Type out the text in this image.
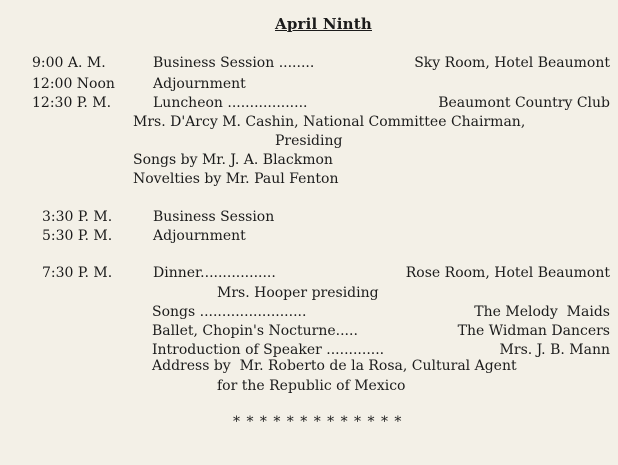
April Ninth
9:00 A. M.	Business Session ........	Sky Room, Hotel Beaumont
12:00 Noon	Adjournment
12:30 P. M.	Luncheon ..................	Beaumont Country Club
Mrs. D'Arcy M. Cashin, National Committee Chairman,
Presiding
Songs by Mr. J. A. Blackmon
Novelties by Mr. Paul Fenton
3:30 P. M.	Business Session
5:30 P. M.	Adjournment
7:30 P. M.	Dinner.................	Rose Room, Hotel Beaumont
Mrs. Hooper presiding
Songs ........................	The Melody  Maids
Ballet, Chopin's Nocturne.....	The Widman Dancers
Introduction of Speaker .............	Mrs. J. B. Mann
Address by  Mr. Roberto de la Rosa, Cultural Agent
for the Republic of Mexico
* * * * * * * * * * * * *
